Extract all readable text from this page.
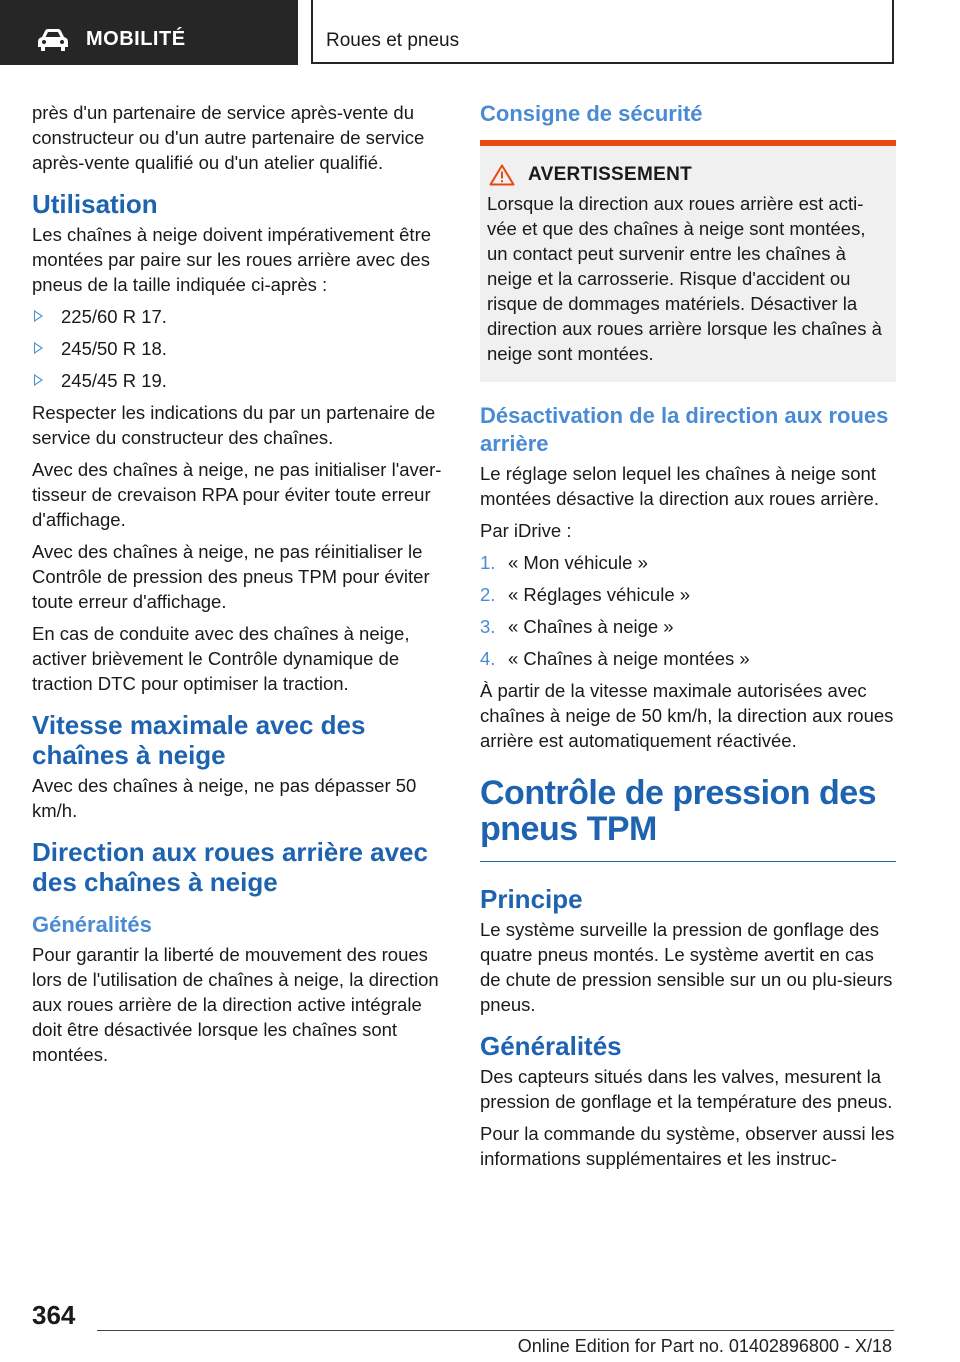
MOBILITÉ	Roues et pneus

près d'un partenaire de service après-vente du constructeur ou d'un autre partenaire de service après-vente qualifié ou d'un atelier qualifié.

Utilisation

Les chaînes à neige doivent impérativement être montées par paire sur les roues arrière avec des pneus de la taille indiquée ci-après :

225/60 R 17.
245/50 R 18.
245/45 R 19.

Respecter les indications du par un partenaire de service du constructeur des chaînes.

Avec des chaînes à neige, ne pas initialiser l'aver-tisseur de crevaison RPA pour éviter toute erreur d'affichage.

Avec des chaînes à neige, ne pas réinitialiser le Contrôle de pression des pneus TPM pour éviter toute erreur d'affichage.

En cas de conduite avec des chaînes à neige, activer brièvement le Contrôle dynamique de traction DTC pour optimiser la traction.

Vitesse maximale avec des chaînes à neige

Avec des chaînes à neige, ne pas dépasser 50 km/h.

Direction aux roues arrière avec des chaînes à neige
Généralités

Pour garantir la liberté de mouvement des roues lors de l'utilisation de chaînes à neige, la direction aux roues arrière de la direction active intégrale doit être désactivée lorsque les chaînes sont montées.

Consigne de sécurité
AVERTISSEMENT

Lorsque la direction aux roues arrière est acti-vée et que des chaînes à neige sont montées, un contact peut survenir entre les chaînes à neige et la carrosserie. Risque d'accident ou risque de dommages matériels. Désactiver la direction aux roues arrière lorsque les chaînes à neige sont montées.

Désactivation de la direction aux roues arrière

Le réglage selon lequel les chaînes à neige sont montées désactive la direction aux roues arrière.

Par iDrive :

1. « Mon véhicule »
2. « Réglages véhicule »
3. « Chaînes à neige »
4. « Chaînes à neige montées »

À partir de la vitesse maximale autorisées avec chaînes à neige de 50 km/h, la direction aux roues arrière est automatiquement réactivée.

Contrôle de pression des pneus TPM
Principe

Le système surveille la pression de gonflage des quatre pneus montés. Le système avertit en cas de chute de pression sensible sur un ou plu-sieurs pneus.

Généralités

Des capteurs situés dans les valves, mesurent la pression de gonflage et la température des pneus.

Pour la commande du système, observer aussi les informations supplémentaires et les instruc-

364
Online Edition for Part no. 01402896800 - X/18
